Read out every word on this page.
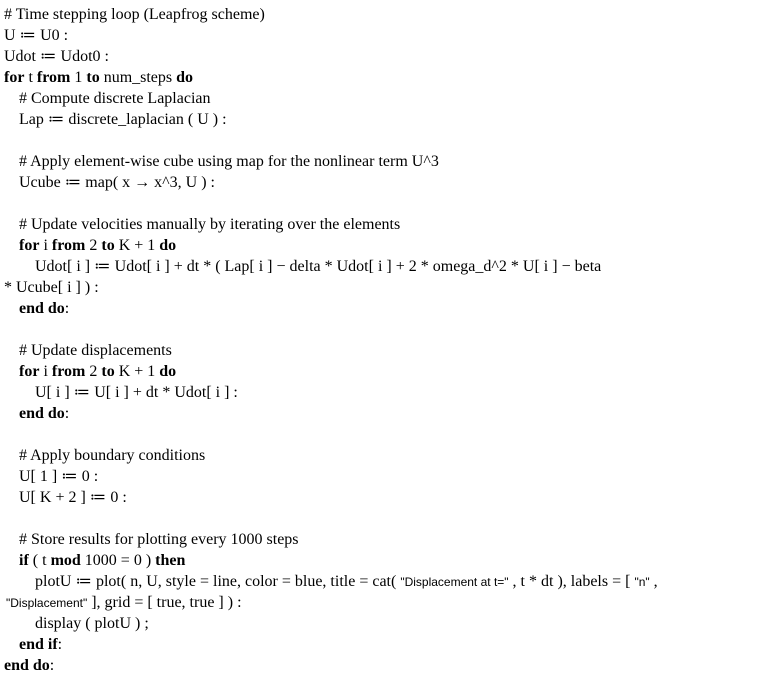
# Time stepping loop (Leapfrog scheme)
U ≔ U0 :
Udot ≔ Udot0 :
for t from 1 to num_steps do
# Compute discrete Laplacian
Lap ≔ discrete_laplacian ( U ) :
# Apply element-wise cube using map for the nonlinear term U^3
Ucube ≔ map( x → x^3, U ) :
# Update velocities manually by iterating over the elements
for i from 2 to K + 1 do
Udot[ i ] ≔ Udot[ i ] + dt * ( Lap[ i ] − delta * Udot[ i ] + 2 * omega_d^2 * U[ i ] − beta
* Ucube[ i ] ) :
end do:
# Update displacements
for i from 2 to K + 1 do
U[ i ] ≔ U[ i ] + dt * Udot[ i ] :
end do:
# Apply boundary conditions
U[ 1 ] ≔ 0 :
U[ K + 2 ] ≔ 0 :
# Store results for plotting every 1000 steps
if ( t mod 1000 = 0 ) then
plotU ≔ plot( n, U, style = line, color = blue, title = cat( "Displacement at t=" , t * dt ), labels = [ "n" ,
"Displacement" ], grid = [ true, true ] ) :
display ( plotU ) ;
end if:
end do:
